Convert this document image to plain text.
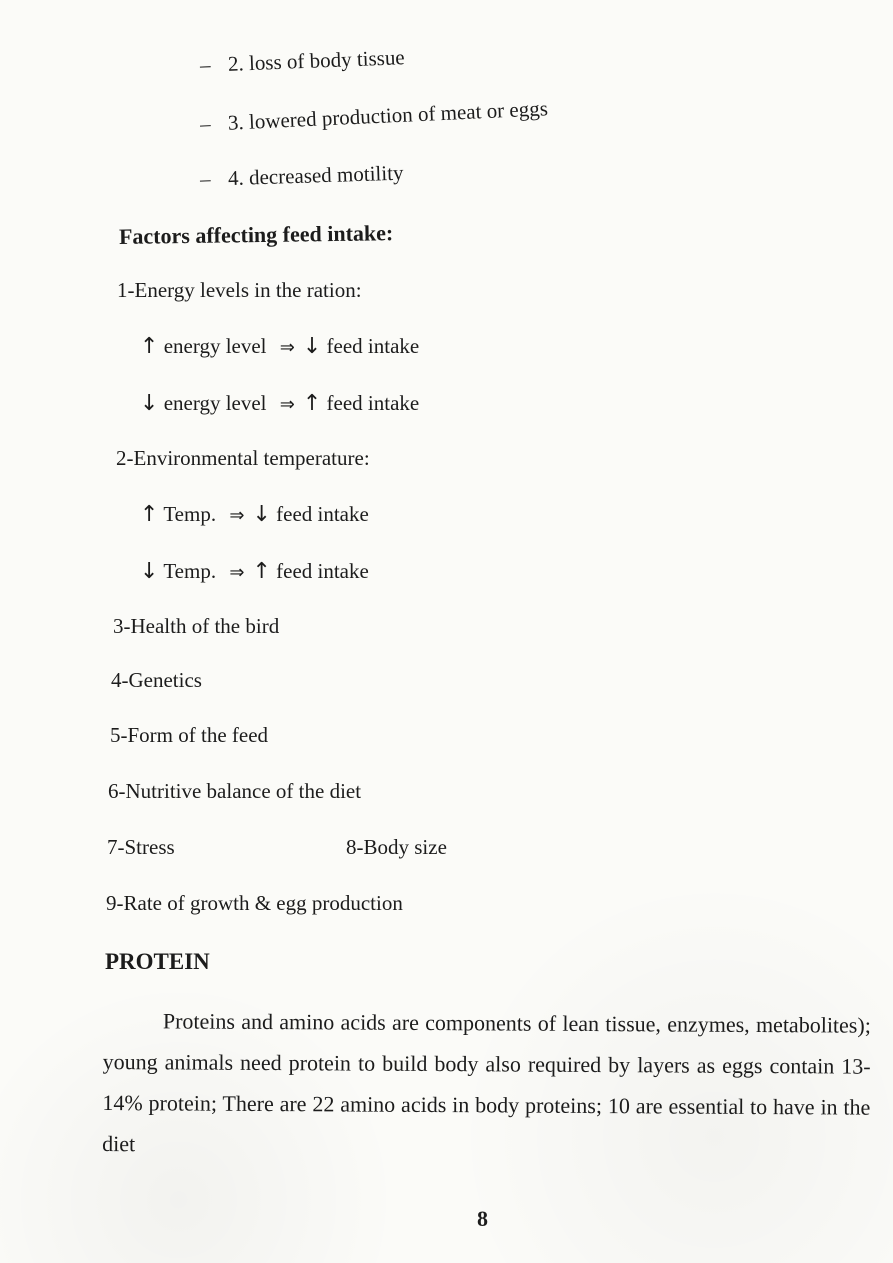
– 2. loss of body tissue
– 3. lowered production of meat or eggs
– 4. decreased motility
Factors affecting feed intake:
1-Energy levels in the ration:
↑ energy level ⇒ ↓ feed intake
↓ energy level ⇒ ↑ feed intake
2-Environmental temperature:
↑ Temp. ⇒ ↓ feed intake
↓ Temp. ⇒ ↑ feed intake
3-Health of the bird
4-Genetics
5-Form of the feed
6-Nutritive balance of the diet
7-Stress	8-Body size
9-Rate of growth & egg production
PROTEIN
Proteins and amino acids are components of lean tissue, enzymes, metabolites); young animals need protein to build body also required by layers as eggs contain 13-14% protein; There are 22 amino acids in body proteins; 10 are essential to have in the diet
8
